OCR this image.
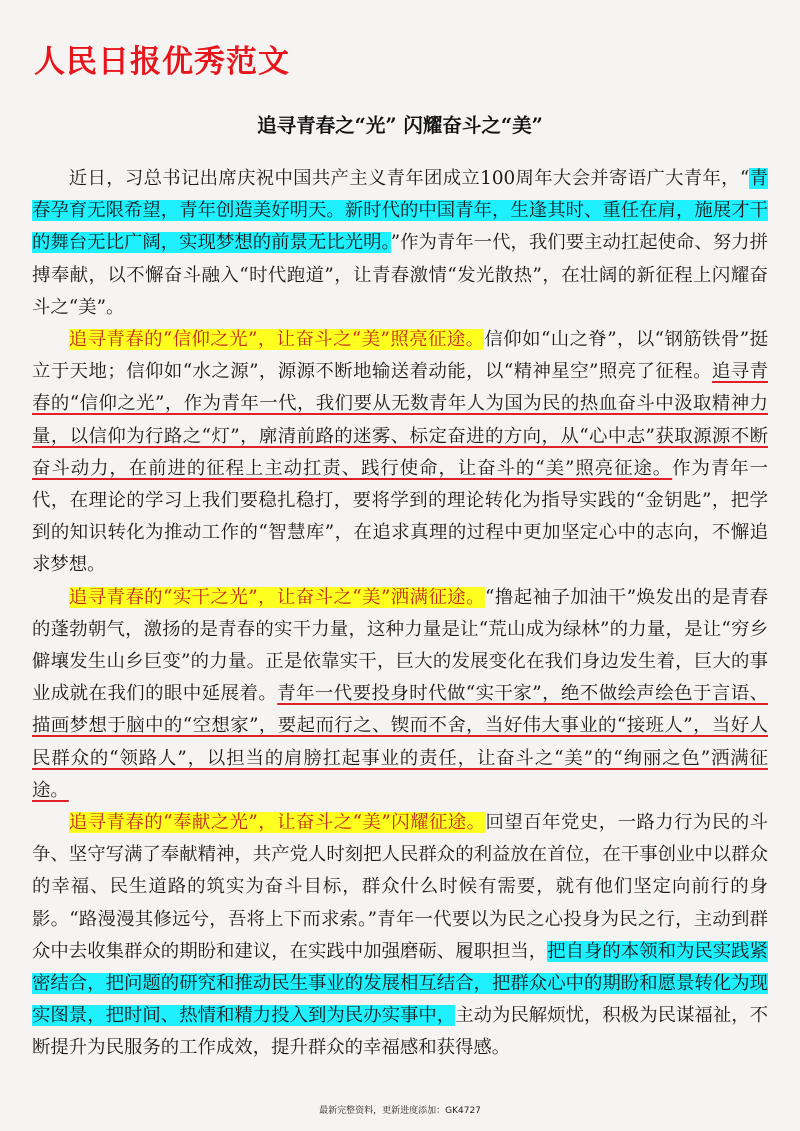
人民日报优秀范文
追寻青春之“光” 闪耀奋斗之“美”

近日，习总书记出席庆祝中国共产主义青年团成立100周年大会并寄语广大青年，“青春孕育无限希望，青年创造美好明天。新时代的中国青年，生逢其时、重任在肩，施展才干的舞台无比广阔，实现梦想的前景无比光明。”作为青年一代，我们要主动扛起使命、努力拼搏奉献，以不懈奋斗融入“时代跑道”，让青春激情“发光散热”，在壮阔的新征程上闪耀奋斗之“美”。

追寻青春的“信仰之光”，让奋斗之“美”照亮征途。信仰如“山之脊”，以“钢筋铁骨”挺立于天地；信仰如“水之源”，源源不断地输送着动能，以“精神星空”照亮了征程。追寻青春的“信仰之光”，作为青年一代，我们要从无数青年人为国为民的热血奋斗中汲取精神力量，以信仰为行路之“灯”，廓清前路的迷雾、标定奋进的方向，从“心中志”获取源源不断奋斗动力，在前进的征程上主动扛责、践行使命，让奋斗的“美”照亮征途。作为青年一代，在理论的学习上我们要稳扎稳打，要将学到的理论转化为指导实践的“金钥匙”，把学到的知识转化为推动工作的“智慧库”，在追求真理的过程中更加坚定心中的志向，不懈追求梦想。

追寻青春的“实干之光”，让奋斗之“美”洒满征途。“撸起袖子加油干”焕发出的是青春的蓬勃朝气，激扬的是青春的实干力量，这种力量是让“荒山成为绿林”的力量，是让“穷乡僻壤发生山乡巨变”的力量。正是依靠实干，巨大的发展变化在我们身边发生着，巨大的事业成就在我们的眼中延展着。青年一代要投身时代做“实干家”，绝不做绘声绘色于言语、描画梦想于脑中的“空想家”，要起而行之、锲而不舍，当好伟大事业的“接班人”，当好人民群众的“领路人”，以担当的肩膀扛起事业的责任，让奋斗之“美”的“绚丽之色”洒满征途。

追寻青春的“奉献之光”，让奋斗之“美”闪耀征途。回望百年党史，一路力行为民的斗争、坚守写满了奉献精神，共产党人时刻把人民群众的利益放在首位，在干事创业中以群众的幸福、民生道路的筑实为奋斗目标，群众什么时候有需要，就有他们坚定向前行的身影。“路漫漫其修远兮，吾将上下而求索。”青年一代要以为民之心投身为民之行，主动到群众中去收集群众的期盼和建议，在实践中加强磨砺、履职担当，把自身的本领和为民实践紧密结合，把问题的研究和推动民生事业的发展相互结合，把群众心中的期盼和愿景转化为现实图景，把时间、热情和精力投入到为民办实事中，主动为民解烦忧，积极为民谋福祉，不断提升为民服务的工作成效，提升群众的幸福感和获得感。

最新完整资料，更新进度添加：GK4727
